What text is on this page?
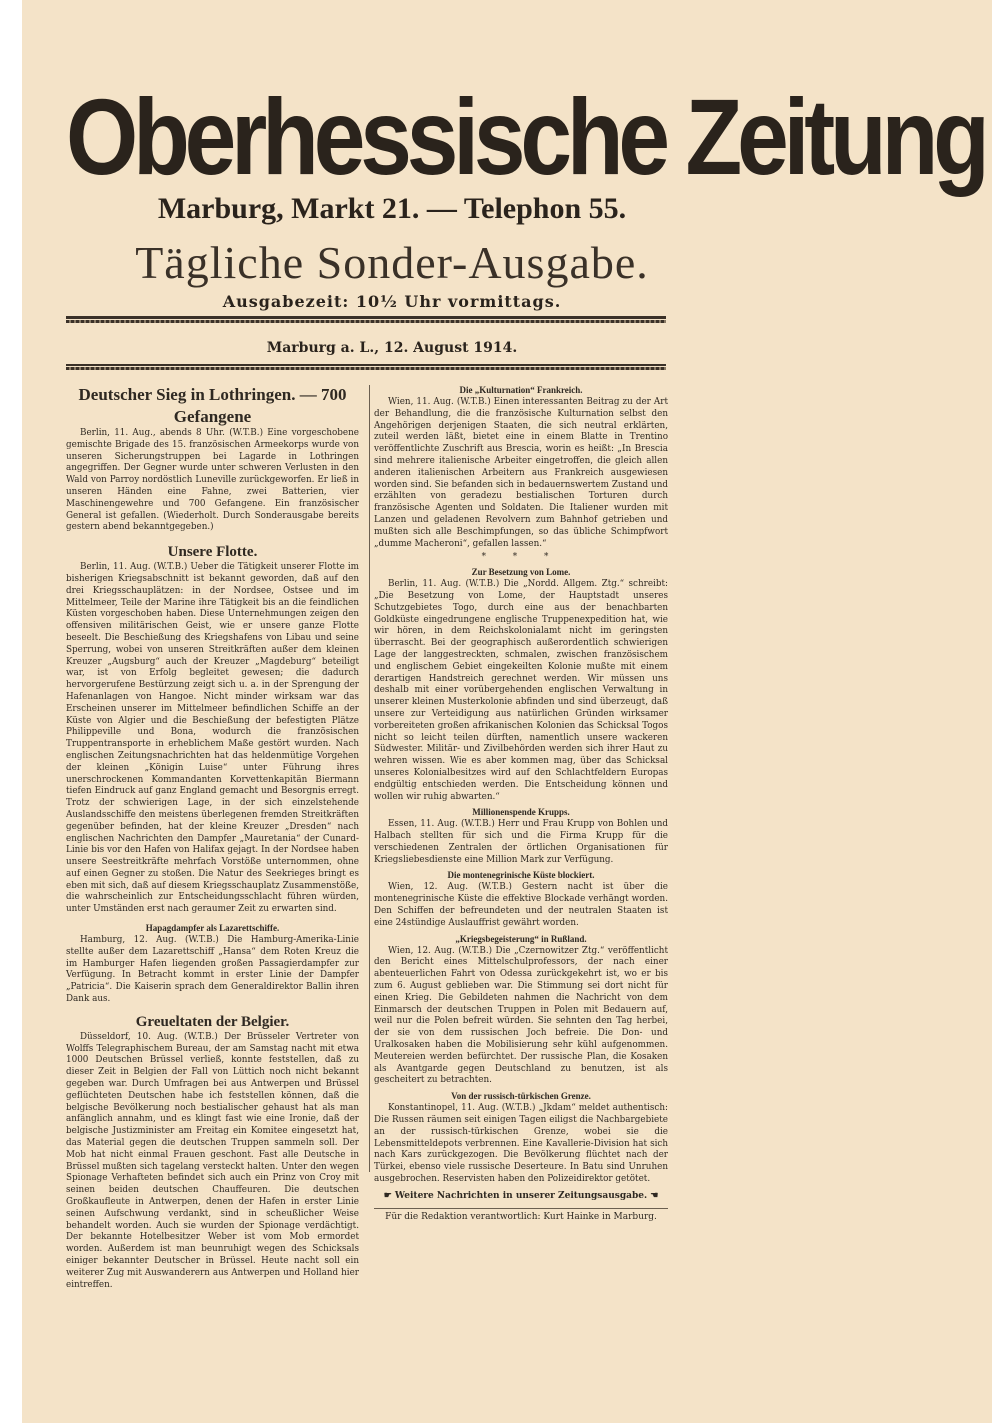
Oberhessische Zeitung
Marburg, Markt 21. — Telephon 55.
Tägliche Sonder-Ausgabe.
Ausgabezeit: 10½ Uhr vormittags.
Marburg a. L., 12. August 1914.
Deutscher Sieg in Lothringen. — 700 Gefangene

Berlin, 11. Aug., abends 8 Uhr. (W.T.B.) Eine vorgeschobene gemischte Brigade des 15. französischen Armeekorps wurde von unseren Sicherungstruppen bei Lagarde in Lothringen angegriffen. Der Gegner wurde unter schweren Verlusten in den Wald von Parroy nordöstlich Luneville zurückgeworfen. Er ließ in unseren Händen eine Fahne, zwei Batterien, vier Maschinengewehre und 700 Gefangene. Ein französischer General ist gefallen. (Wiederholt. Durch Sonderausgabe bereits gestern abend bekanntgegeben.)

Unsere Flotte.

Berlin, 11. Aug. (W.T.B.) Ueber die Tätigkeit unserer Flotte im bisherigen Kriegsabschnitt ist bekannt geworden, daß auf den drei Kriegsschauplätzen: in der Nordsee, Ostsee und im Mittelmeer, Teile der Marine ihre Tätigkeit bis an die feindlichen Küsten vorgeschoben haben. Diese Unternehmungen zeigen den offensiven militärischen Geist, wie er unsere ganze Flotte beseelt. Die Beschießung des Kriegshafens von Libau und seine Sperrung, wobei von unseren Streitkräften außer dem kleinen Kreuzer „Augsburg“ auch der Kreuzer „Magdeburg“ beteiligt war, ist von Erfolg begleitet gewesen; die dadurch hervorgerufene Bestürzung zeigt sich u. a. in der Sprengung der Hafenanlagen von Hangoe. Nicht minder wirksam war das Erscheinen unserer im Mittelmeer befindlichen Schiffe an der Küste von Algier und die Beschießung der befestigten Plätze Philippeville und Bona, wodurch die französischen Truppentransporte in erheblichem Maße gestört wurden. Nach englischen Zeitungsnachrichten hat das heldenmütige Vorgehen der kleinen „Königin Luise“ unter Führung ihres unerschrockenen Kommandanten Korvettenkapitän Biermann tiefen Eindruck auf ganz England gemacht und Besorgnis erregt. Trotz der schwierigen Lage, in der sich einzelstehende Auslandsschiffe den meistens überlegenen fremden Streitkräften gegenüber befinden, hat der kleine Kreuzer „Dresden“ nach englischen Nachrichten den Dampfer „Mauretania“ der Cunard-Linie bis vor den Hafen von Halifax gejagt. In der Nordsee haben unsere Seestreitkräfte mehrfach Vorstöße unternommen, ohne auf einen Gegner zu stoßen. Die Natur des Seekrieges bringt es eben mit sich, daß auf diesem Kriegsschauplatz Zusammenstöße, die wahrscheinlich zur Entscheidungsschlacht führen würden, unter Umständen erst nach geraumer Zeit zu erwarten sind.

Hapagdampfer als Lazarettschiffe.

Hamburg, 12. Aug. (W.T.B.) Die Hamburg-Amerika-Linie stellte außer dem Lazarettschiff „Hansa“ dem Roten Kreuz die im Hamburger Hafen liegenden großen Passagierdampfer zur Verfügung. In Betracht kommt in erster Linie der Dampfer „Patricia“. Die Kaiserin sprach dem Generaldirektor Ballin ihren Dank aus.

Greueltaten der Belgier.

Düsseldorf, 10. Aug. (W.T.B.) Der Brüsseler Vertreter von Wolffs Telegraphischem Bureau, der am Samstag nacht mit etwa 1000 Deutschen Brüssel verließ, konnte feststellen, daß zu dieser Zeit in Belgien der Fall von Lüttich noch nicht bekannt gegeben war. Durch Umfragen bei aus Antwerpen und Brüssel geflüchteten Deutschen habe ich feststellen können, daß die belgische Bevölkerung noch bestialischer gehaust hat als man anfänglich annahm, und es klingt fast wie eine Ironie, daß der belgische Justizminister am Freitag ein Komitee eingesetzt hat, das Material gegen die deutschen Truppen sammeln soll. Der Mob hat nicht einmal Frauen geschont. Fast alle Deutsche in Brüssel mußten sich tagelang versteckt halten. Unter den wegen Spionage Verhafteten befindet sich auch ein Prinz von Croy mit seinen beiden deutschen Chauffeuren. Die deutschen Großkaufleute in Antwerpen, denen der Hafen in erster Linie seinen Aufschwung verdankt, sind in scheußlicher Weise behandelt worden. Auch sie wurden der Spionage verdächtigt. Der bekannte Hotelbesitzer Weber ist vom Mob ermordet worden. Außerdem ist man beunruhigt wegen des Schicksals einiger bekannter Deutscher in Brüssel. Heute nacht soll ein weiterer Zug mit Auswanderern aus Antwerpen und Holland hier eintreffen.

Die „Kulturnation“ Frankreich.

Wien, 11. Aug. (W.T.B.) Einen interessanten Beitrag zu der Art der Behandlung, die die französische Kulturnation selbst den Angehörigen derjenigen Staaten, die sich neutral erklärten, zuteil werden läßt, bietet eine in einem Blatte in Trentino veröffentlichte Zuschrift aus Brescia, worin es heißt: „In Brescia sind mehrere italienische Arbeiter eingetroffen, die gleich allen anderen italienischen Arbeitern aus Frankreich ausgewiesen worden sind. Sie befanden sich in bedauernswertem Zustand und erzählten von geradezu bestialischen Torturen durch französische Agenten und Soldaten. Die Italiener wurden mit Lanzen und geladenen Revolvern zum Bahnhof getrieben und mußten sich alle Beschimpfungen, so das übliche Schimpfwort „dumme Macheroni“, gefallen lassen.“

* * *
Zur Besetzung von Lome.

Berlin, 11. Aug. (W.T.B.) Die „Nordd. Allgem. Ztg.“ schreibt: „Die Besetzung von Lome, der Hauptstadt unseres Schutzgebietes Togo, durch eine aus der benachbarten Goldküste eingedrungene englische Truppenexpedition hat, wie wir hören, in dem Reichskolonialamt nicht im geringsten überrascht. Bei der geographisch außerordentlich schwierigen Lage der langgestreckten, schmalen, zwischen französischem und englischem Gebiet eingekeilten Kolonie mußte mit einem derartigen Handstreich gerechnet werden. Wir müssen uns deshalb mit einer vorübergehenden englischen Verwaltung in unserer kleinen Musterkolonie abfinden und sind überzeugt, daß unsere zur Verteidigung aus natürlichen Gründen wirksamer vorbereiteten großen afrikanischen Kolonien das Schicksal Togos nicht so leicht teilen dürften, namentlich unsere wackeren Südwester. Militär- und Zivilbehörden werden sich ihrer Haut zu wehren wissen. Wie es aber kommen mag, über das Schicksal unseres Kolonialbesitzes wird auf den Schlachtfeldern Europas endgültig entschieden werden. Die Entscheidung können und wollen wir ruhig abwarten.“

Millionenspende Krupps.

Essen, 11. Aug. (W.T.B.) Herr und Frau Krupp von Bohlen und Halbach stellten für sich und die Firma Krupp für die verschiedenen Zentralen der örtlichen Organisationen für Kriegsliebesdienste eine Million Mark zur Verfügung.

Die montenegrinische Küste blockiert.

Wien, 12. Aug. (W.T.B.) Gestern nacht ist über die montenegrinische Küste die effektive Blockade verhängt worden. Den Schiffen der befreundeten und der neutralen Staaten ist eine 24stündige Auslauffrist gewährt worden.

„Kriegsbegeisterung“ in Rußland.

Wien, 12. Aug. (W.T.B.) Die „Czernowitzer Ztg.“ veröffentlicht den Bericht eines Mittelschulprofessors, der nach einer abenteuerlichen Fahrt von Odessa zurückgekehrt ist, wo er bis zum 6. August geblieben war. Die Stimmung sei dort nicht für einen Krieg. Die Gebildeten nahmen die Nachricht von dem Einmarsch der deutschen Truppen in Polen mit Bedauern auf, weil nur die Polen befreit würden. Sie sehnten den Tag herbei, der sie von dem russischen Joch befreie. Die Don- und Uralkosaken haben die Mobilisierung sehr kühl aufgenommen. Meutereien werden befürchtet. Der russische Plan, die Kosaken als Avantgarde gegen Deutschland zu benutzen, ist als gescheitert zu betrachten.

Von der russisch-türkischen Grenze.

Konstantinopel, 11. Aug. (W.T.B.) „Jkdam“ meldet authentisch: Die Russen räumen seit einigen Tagen eiligst die Nachbargebiete an der russisch-türkischen Grenze, wobei sie die Lebensmitteldepots verbrennen. Eine Kavallerie-Division hat sich nach Kars zurückgezogen. Die Bevölkerung flüchtet nach der Türkei, ebenso viele russische Deserteure. In Batu sind Unruhen ausgebrochen. Reservisten haben den Polizeidirektor getötet.

☛ Weitere Nachrichten in unserer Zeitungsausgabe. ☚
Für die Redaktion verantwortlich: Kurt Hainke in Marburg.
